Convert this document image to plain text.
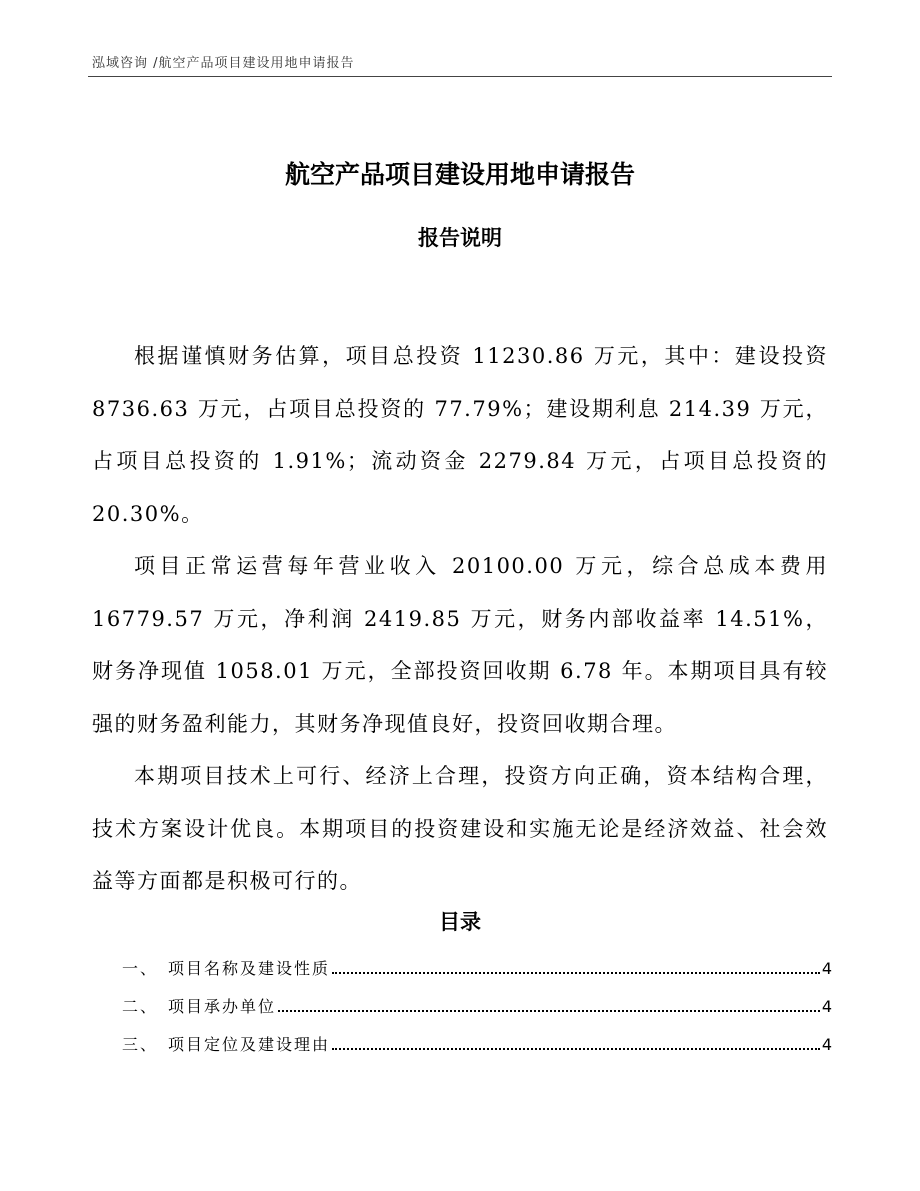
泓域咨询 /航空产品项目建设用地申请报告
航空产品项目建设用地申请报告
报告说明

根据谨慎财务估算，项目总投资 11230.86 万元，其中：建设投资 8736.63 万元，占项目总投资的 77.79%；建设期利息 214.39 万元，占项目总投资的 1.91%；流动资金 2279.84 万元，占项目总投资的 20.30%。

项目正常运营每年营业收入 20100.00 万元，综合总成本费用 16779.57 万元，净利润 2419.85 万元，财务内部收益率 14.51%，财务净现值 1058.01 万元，全部投资回收期 6.78 年。本期项目具有较强的财务盈利能力，其财务净现值良好，投资回收期合理。

本期项目技术上可行、经济上合理，投资方向正确，资本结构合理，技术方案设计优良。本期项目的投资建设和实施无论是经济效益、社会效益等方面都是积极可行的。

目录
一、 项目名称及建设性质	4
二、 项目承办单位	4
三、 项目定位及建设理由	4
